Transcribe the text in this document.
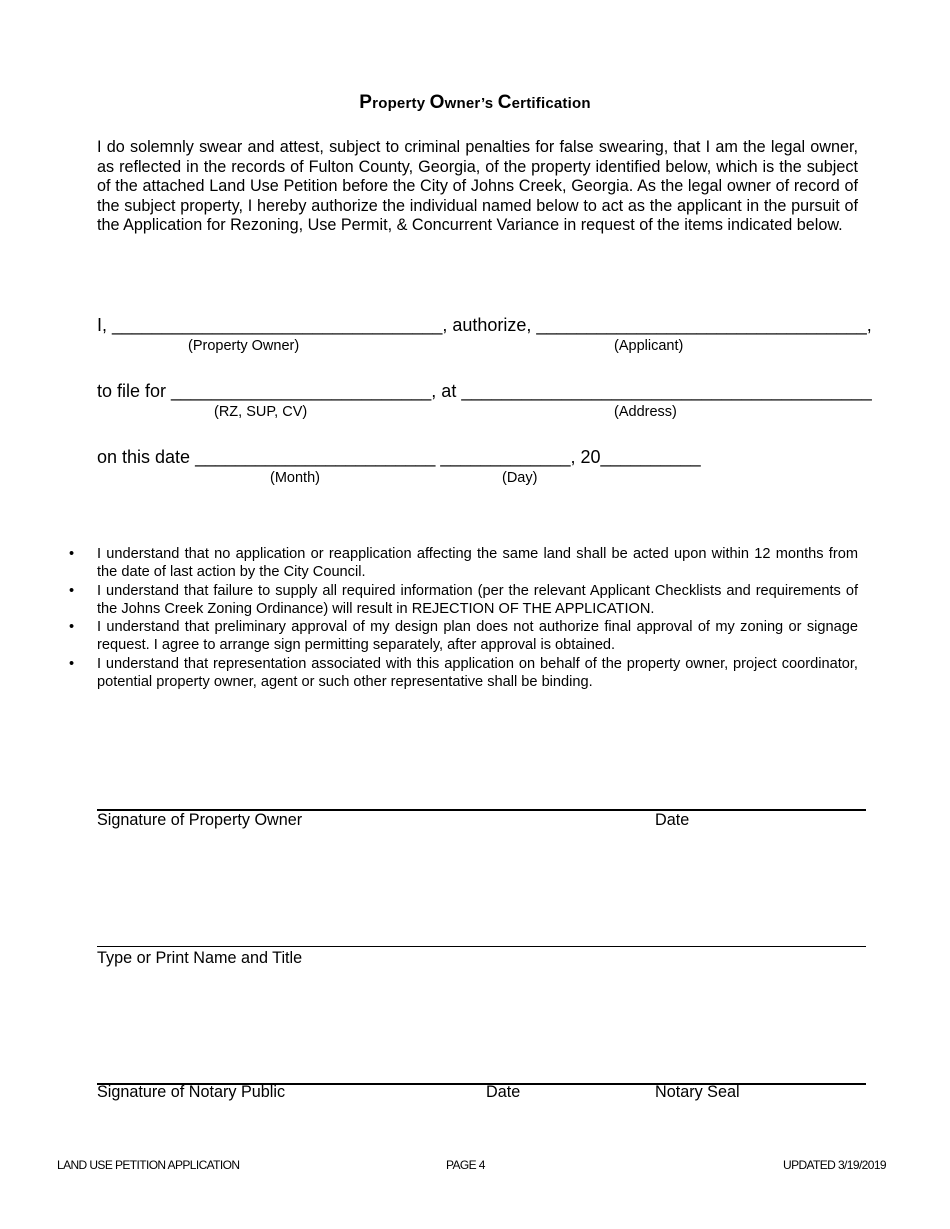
Property Owner’s Certification
I do solemnly swear and attest, subject to criminal penalties for false swearing, that I am the legal owner, as reflected in the records of Fulton County, Georgia, of the property identified below, which is the subject of the attached Land Use Petition before the City of Johns Creek, Georgia. As the legal owner of record of the subject property, I hereby authorize the individual named below to act as the applicant in the pursuit of the Application for Rezoning, Use Permit, & Concurrent Variance in request of the items indicated below.
I, _________________________________, authorize, _________________________________,
(Property Owner)	(Applicant)
to file for __________________________, at _________________________________________
(RZ, SUP, CV)	(Address)
on this date ________________________ _____________, 20__________
(Month)	(Day)
• I understand that no application or reapplication affecting the same land shall be acted upon within 12 months from the date of last action by the City Council.
• I understand that failure to supply all required information (per the relevant Applicant Checklists and requirements of the Johns Creek Zoning Ordinance) will result in REJECTION OF THE APPLICATION.
• I understand that preliminary approval of my design plan does not authorize final approval of my zoning or signage request. I agree to arrange sign permitting separately, after approval is obtained.
• I understand that representation associated with this application on behalf of the property owner, project coordinator, potential property owner, agent or such other representative shall be binding.
Signature of Property Owner	Date
Type or Print Name and Title
Signature of Notary Public	Date	Notary Seal
LAND USE PETITION APPLICATION	PAGE 4	UPDATED 3/19/2019
